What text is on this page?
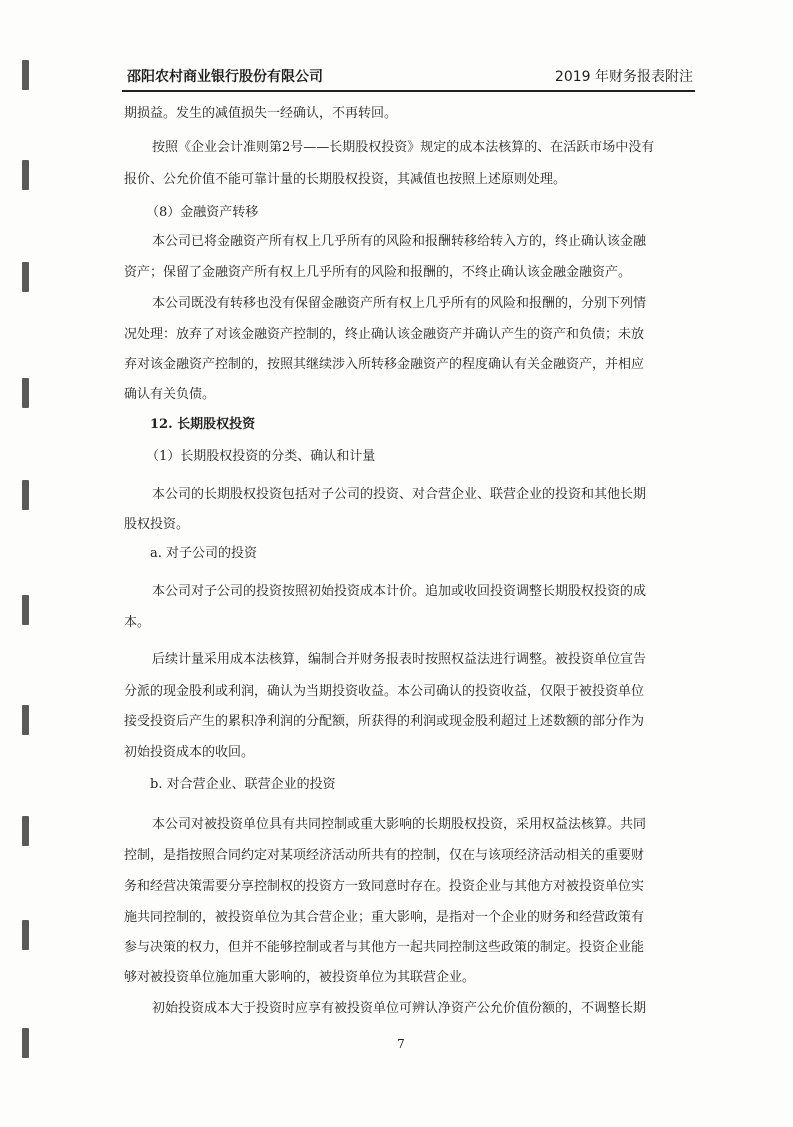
邵阳农村商业银行股份有限公司	2019 年财务报表附注
期损益。发生的减值损失一经确认，不再转回。
按照《企业会计准则第2号——长期股权投资》规定的成本法核算的、在活跃市场中没有
报价、公允价值不能可靠计量的长期股权投资，其减值也按照上述原则处理。
（8）金融资产转移
本公司已将金融资产所有权上几乎所有的风险和报酬转移给转入方的，终止确认该金融
资产；保留了金融资产所有权上几乎所有的风险和报酬的，不终止确认该金融金融资产。
本公司既没有转移也没有保留金融资产所有权上几乎所有的风险和报酬的，分别下列情
况处理：放弃了对该金融资产控制的，终止确认该金融资产并确认产生的资产和负债；未放
弃对该金融资产控制的，按照其继续涉入所转移金融资产的程度确认有关金融资产，并相应
确认有关负债。
12. 长期股权投资
（1）长期股权投资的分类、确认和计量
本公司的长期股权投资包括对子公司的投资、对合营企业、联营企业的投资和其他长期
股权投资。
a. 对子公司的投资
本公司对子公司的投资按照初始投资成本计价。追加或收回投资调整长期股权投资的成
本。
后续计量采用成本法核算，编制合并财务报表时按照权益法进行调整。被投资单位宣告
分派的现金股利或利润，确认为当期投资收益。本公司确认的投资收益，仅限于被投资单位
接受投资后产生的累积净利润的分配额，所获得的利润或现金股利超过上述数额的部分作为
初始投资成本的收回。
b. 对合营企业、联营企业的投资
本公司对被投资单位具有共同控制或重大影响的长期股权投资，采用权益法核算。共同
控制，是指按照合同约定对某项经济活动所共有的控制，仅在与该项经济活动相关的重要财
务和经营决策需要分享控制权的投资方一致同意时存在。投资企业与其他方对被投资单位实
施共同控制的，被投资单位为其合营企业；重大影响，是指对一个企业的财务和经营政策有
参与决策的权力，但并不能够控制或者与其他方一起共同控制这些政策的制定。投资企业能
够对被投资单位施加重大影响的，被投资单位为其联营企业。
初始投资成本大于投资时应享有被投资单位可辨认净资产公允价值份额的，不调整长期
7
